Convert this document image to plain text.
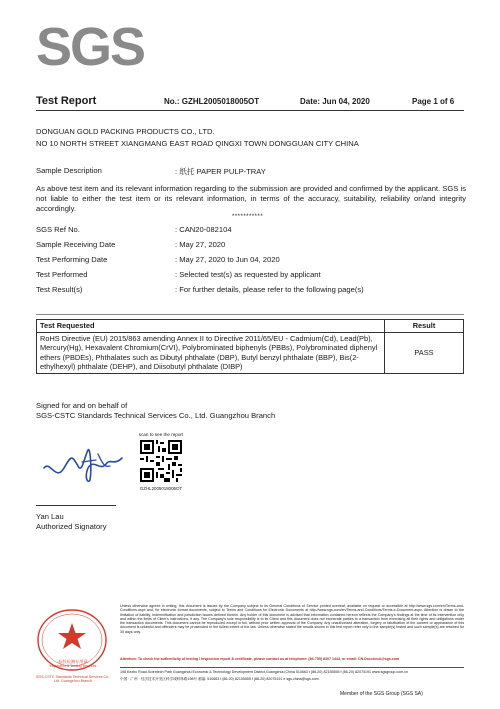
SGS
Test Report	No.: GZHL2005018005OT	Date: Jun 04, 2020	Page 1 of 6
DONGUAN GOLD PACKING PRODUCTS CO., LTD.
NO 10 NORTH STREET XIANGMANG EAST ROAD QINGXI TOWN DONGGUAN CITY CHINA
Sample Description	: 纸托 PAPER PULP-TRAY
As above test item and its relevant information regarding to the submission are provided and confirmed by the applicant. SGS is not liable to either the test item or its relevant information, in terms of the accuracy, suitability, reliability or/and integrity accordingly.
***********
SGS Ref No.	: CAN20-082104
Sample Receiving Date	: May 27, 2020
Test Performing Date	: May 27, 2020 to Jun 04, 2020
Test Performed	: Selected test(s) as requested by applicant
Test Result(s)	: For further details, please refer to the following page(s)
Test Requested	Result
RoHS Directive (EU) 2015/863 amending Annex II to Directive 2011/65/EU - Cadmium(Cd), Lead(Pb), Mercury(Hg), Hexavalent Chromium(CrVI), Polybrominated biphenyls (PBBs), Polybrominated diphenyl ethers (PBDEs), Phthalates such as Dibutyl phthalate (DBP), Butyl benzyl phthalate (BBP), Bis(2-ethylhexyl) phthalate (DEHP), and Diisobutyl phthalate (DIBP)	PASS
Signed for and on behalf of
SGS-CSTC Standards Technical Services Co., Ltd. Guangzhou Branch
scan to see the report
GZHL2005018005OT
Yan Lau
Authorized Signatory
检验检测专用章
Inspection & Testing Services
SGS-CSTC Standards Technical Services Co., Ltd. Guangzhou Branch
Unless otherwise agreed in writing, this document is issued by the Company subject to its General Conditions of Service printed overleaf, available on request or accessible at http://www.sgs.com/en/Terms-and-Conditions.aspx and, for electronic format documents, subject to Terms and Conditions for Electronic Documents at http://www.sgs.com/en/Terms-and-Conditions/Terms-e-Document.aspx. Attention is drawn to the limitation of liability, indemnification and jurisdiction issues defined therein. Any holder of this document is advised that information contained hereon reflects the Company's findings at the time of its intervention only and within the limits of Client's instructions, if any. The Company's sole responsibility is to its Client and this document does not exonerate parties to a transaction from exercising all their rights and obligations under the transaction documents. This document cannot be reproduced except in full, without prior written approval of the Company. Any unauthorized alteration, forgery or falsification of the content or appearance of this document is unlawful and offenders may be prosecuted to the fullest extent of the law. Unless otherwise stated the results shown in this test report refer only to the sample(s) tested and such sample(s) are retained for 30 days only.
Attention: To check the authenticity of testing / inspection report & certificate, please contact us at telephone: (86-755) 8307 1443, or email: CN.Doccheck@sgs.com
198 Kezhu Road,Scientech Park Guangzhou Economic & Technology Development District,Guangzhou,China 510663 t (86-20) 82155555 f (86-20) 82075191 www.sgsgroup.com.cn
中国 · 广州 · 经济技术开发区科学城科珠路198号 邮编: 510663 t (86-20) 82155555 f (86-20) 82075191 e sgs.china@sgs.com
Member of the SGS Group (SGS SA)
